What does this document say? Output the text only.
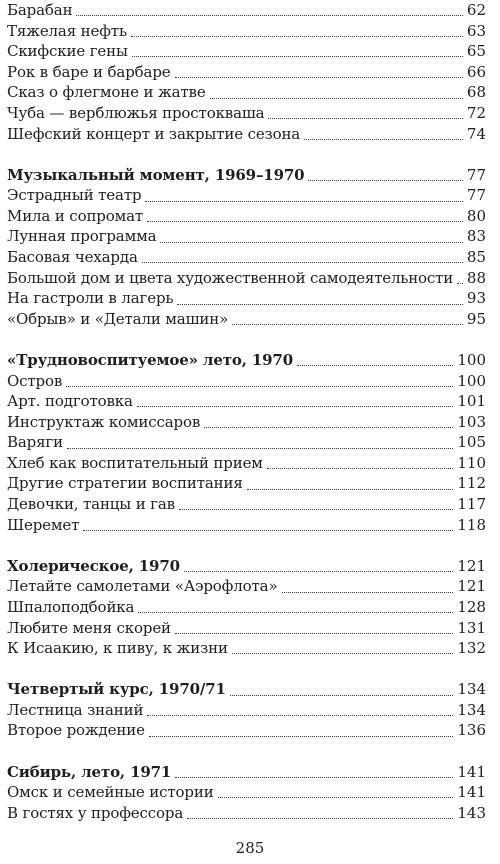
Барабан	62
Тяжелая нефть	63
Скифские гены	65
Рок в баре и барбаре	66
Сказ о флегмоне и жатве	68
Чуба — верблюжья простокваша	72
Шефский концерт и закрытие сезона	74
Музыкальный момент, 1969–1970	77
Эстрадный театр	77
Мила и сопромат	80
Лунная программа	83
Басовая чехарда	85
Большой дом и цвета художественной самодеятельности 88
На гастроли в лагерь	93
«Обрыв» и «Детали машин»	95
«Трудновоспитуемое» лето, 1970	100
Остров	100
Арт. подготовка	101
Инструктаж комиссаров	103
Варяги	105
Хлеб как воспитательный прием	110
Другие стратегии воспитания	112
Девочки, танцы и гав	117
Шеремет	118
Холерическое, 1970	121
Летайте самолетами «Аэрофлота»	121
Шпалоподбойка	128
Любите меня скорей	131
К Исаакию, к пиву, к жизни	132
Четвертый курс, 1970/71	134
Лестница знаний	134
Второе рождение	136
Сибирь, лето, 1971	141
Омск и семейные истории	141
В гостях у профессора	143
285
